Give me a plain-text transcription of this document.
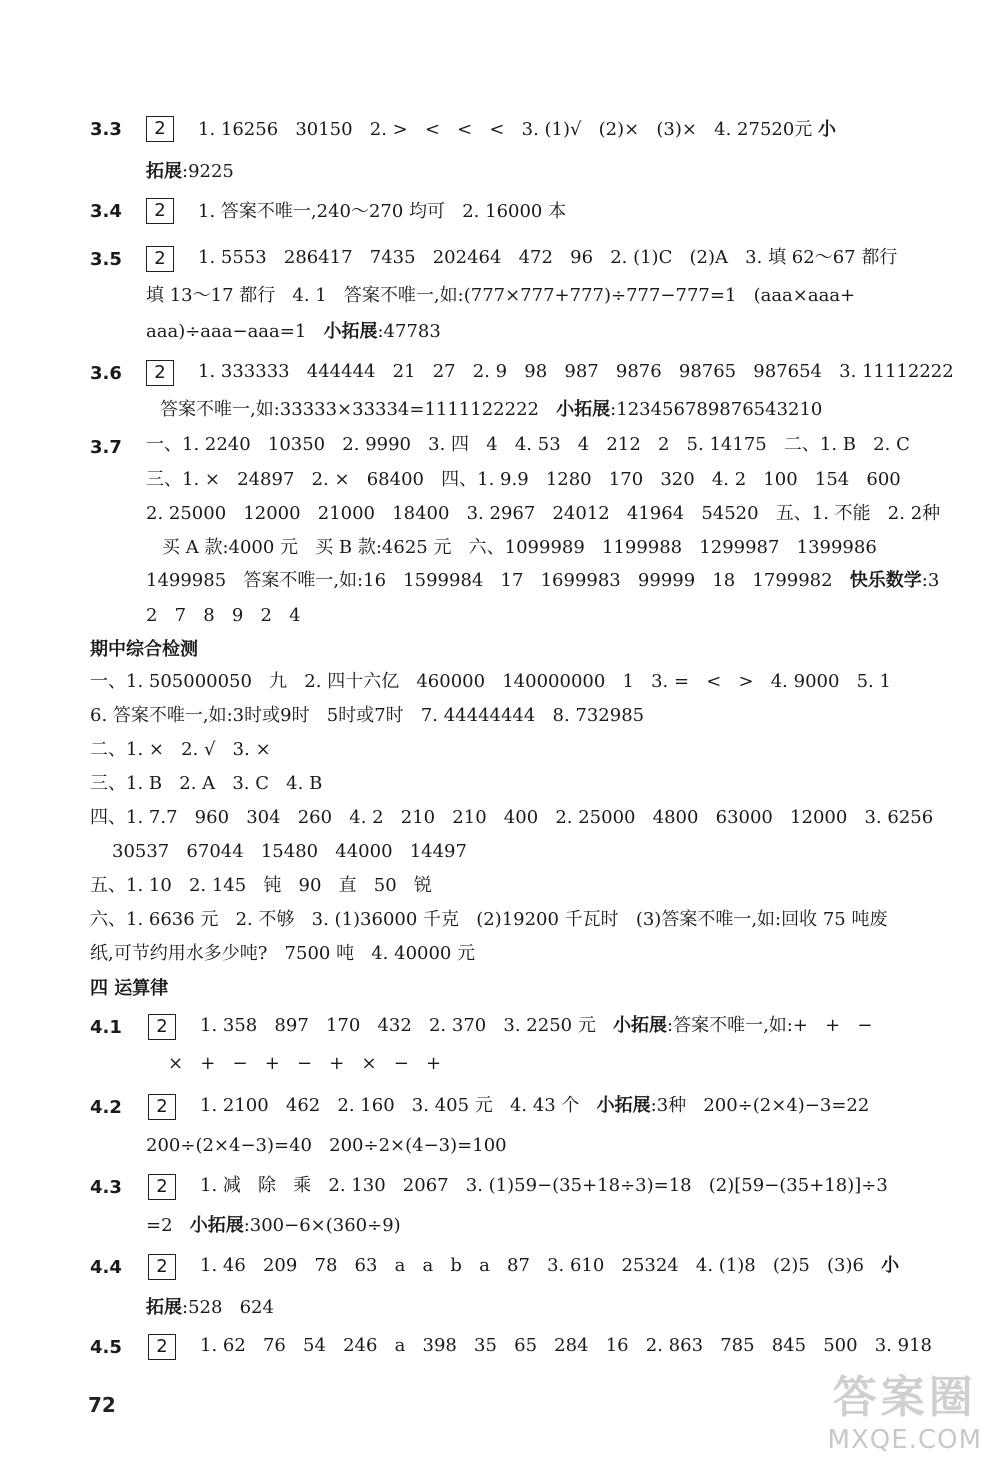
3.3	2	1. 16256   30150   2. >   <   <   <   3. (1)√   (2)×   (3)×   4. 27520元 小
拓展:9225
3.4	2	1. 答案不唯一,240～270 均可   2. 16000 本
3.5	2	1. 5553   286417   7435   202464   472   96   2. (1)C   (2)A   3. 填 62～67 都行
填 13～17 都行   4. 1   答案不唯一,如:(777×777+777)÷777−777=1   (aaa×aaa+
aaa)÷aaa−aaa=1   小拓展:47783
3.6	2	1. 333333   444444   21   27   2. 9   98   987   9876   98765   987654   3. 11112222
答案不唯一,如:33333×33334=1111122222   小拓展:123456789876543210
3.7 一、1. 2240   10350   2. 9990   3. 四   4   4. 53   4   212   2   5. 14175   二、1. B   2. C
三、1. ×   24897   2. ×   68400   四、1. 9.9   1280   170   320   4. 2   100   154   600
2. 25000   12000   21000   18400   3. 2967   24012   41964   54520   五、1. 不能   2. 2种
买 A 款:4000 元   买 B 款:4625 元   六、1099989   1199988   1299987   1399986
1499985   答案不唯一,如:16   1599984   17   1699983   99999   18   1799982   快乐数学:3
2   7   8   9   2   4
期中综合检测
一、1. 505000050   九   2. 四十六亿   460000   140000000   1   3. =   <   >   4. 9000   5. 1
6. 答案不唯一,如:3时或9时   5时或7时   7. 44444444   8. 732985
二、1. ×   2. √   3. ×
三、1. B   2. A   3. C   4. B
四、1. 7.7   960   304   260   4. 2   210   210   400   2. 25000   4800   63000   12000   3. 6256
30537   67044   15480   44000   14497
五、1. 10   2. 145   钝   90   直   50   锐
六、1. 6636 元   2. 不够   3. (1)36000 千克   (2)19200 千瓦时   (3)答案不唯一,如:回收 75 吨废
纸,可节约用水多少吨?   7500 吨   4. 40000 元
四 运算律
4.1	2	1. 358   897   170   432   2. 370   3. 2250 元   小拓展:答案不唯一,如:+   +   −
×   +   −   +   −   +   ×   −   +
4.2	2	1. 2100   462   2. 160   3. 405 元   4. 43 个   小拓展:3种   200÷(2×4)−3=22
200÷(2×4−3)=40   200÷2×(4−3)=100
4.3	2	1. 减   除   乘   2. 130   2067   3. (1)59−(35+18÷3)=18   (2)[59−(35+18)]÷3
=2   小拓展:300−6×(360÷9)
4.4	2	1. 46   209   78   63   a   a   b   a   87   3. 610   25324   4. (1)8   (2)5   (3)6   小
拓展:528   624
4.5	2	1. 62   76   54   246   a   398   35   65   284   16   2. 863   785   845   500   3. 918
72	答案圈
MXQE.COM
